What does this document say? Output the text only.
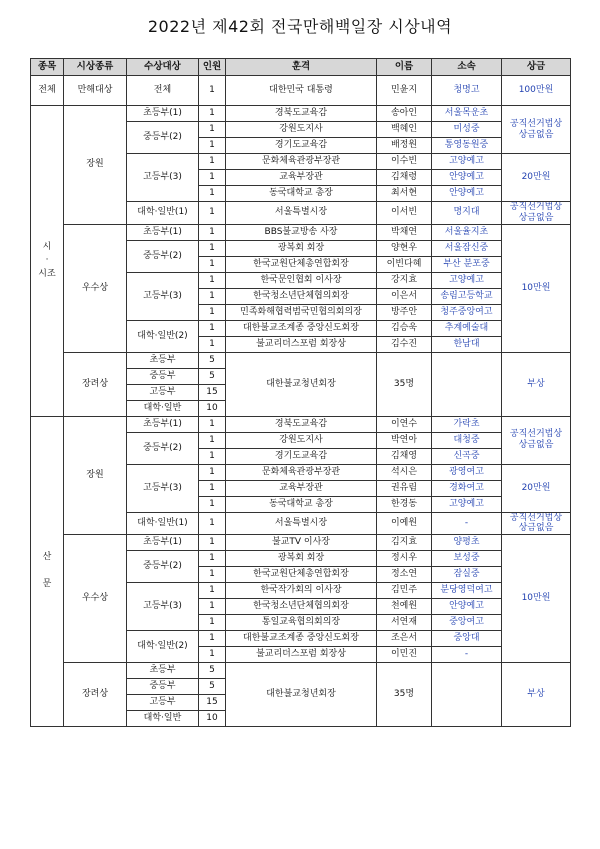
2022년 제42회 전국만해백일장 시상내역
종목	시상종류	수상대상	인원	훈격	이름	소속	상금
전체	만해대상	전체	1	대한민국 대통령	민윤지	청명고	100만원
시
·
시조	장원	초등부(1)	1	경북도교육감	송아인	서울목운초	공직선거법상
상금없음
		중등부(2)	1	강원도지사	백혜인	미성중	
			1	경기도교육감	배정원	통영동원중	
		고등부(3)	1	문화체육관광부장관	이수빈	고양예고	20만원
			1	교육부장관	김채령	안양예고	
			1	동국대학교 총장	최서현	안양예고	
		대학·일반(1)	1	서울특별시장	이서빈	명지대	공직선거법상
상금없음
	우수상	초등부(1)	1	BBS불교방송 사장	박채연	서울율지초	10만원
		중등부(2)	1	광복회 회장	양현우	서울잠신중	
			1	한국교원단체총연합회장	이빈다혜	부산 분포중	
		고등부(3)	1	한국문인협회 이사장	강지효	고양예고	
			1	한국청소년단체협의회장	이은서	송림고등학교	
			1	민족화해협력범국민협의회의장	방주안	청주중앙여고	
		대학·일반(2)	1	대한불교조계종 중앙신도회장	김승욱	추계예술대	
			1	불교리더스포럼 회장상	김수진	한남대	
	장려상	초등부	5	대한불교청년회장	35명		부상
		중등부	5				
		고등부	15				
		대학·일반	10				
산

문	장원	초등부(1)	1	경북도교육감	이연수	가락초	공직선거법상
상금없음
		중등부(2)	1	강원도지사	박연아	대청중	
			1	경기도교육감	김채영	신곡중	
		고등부(3)	1	문화체육관광부장관	석시은	광영여고	20만원
			1	교육부장관	권유림	경화여고	
			1	동국대학교 총장	한경동	고양예고	
		대학·일반(1)	1	서울특별시장	이예원	-	공직선거법상
상금없음
	우수상	초등부(1)	1	불교TV 이사장	김지효	양평초	10만원
		중등부(2)	1	광복회 회장	정시우	보성중	
			1	한국교원단체총연합회장	정소연	잠실중	
		고등부(3)	1	한국작가회의 이사장	김민주	분당영덕여고	
			1	한국청소년단체협의회장	천예원	안양예고	
			1	통일교육협의회의장	서연재	중앙여고	
		대학·일반(2)	1	대한불교조계종 중앙신도회장	조은서	중앙대	
			1	불교리더스포럼 회장상	이민진	-	
	장려상	초등부	5	대한불교청년회장	35명		부상
		중등부	5				
		고등부	15				
		대학·일반	10				
